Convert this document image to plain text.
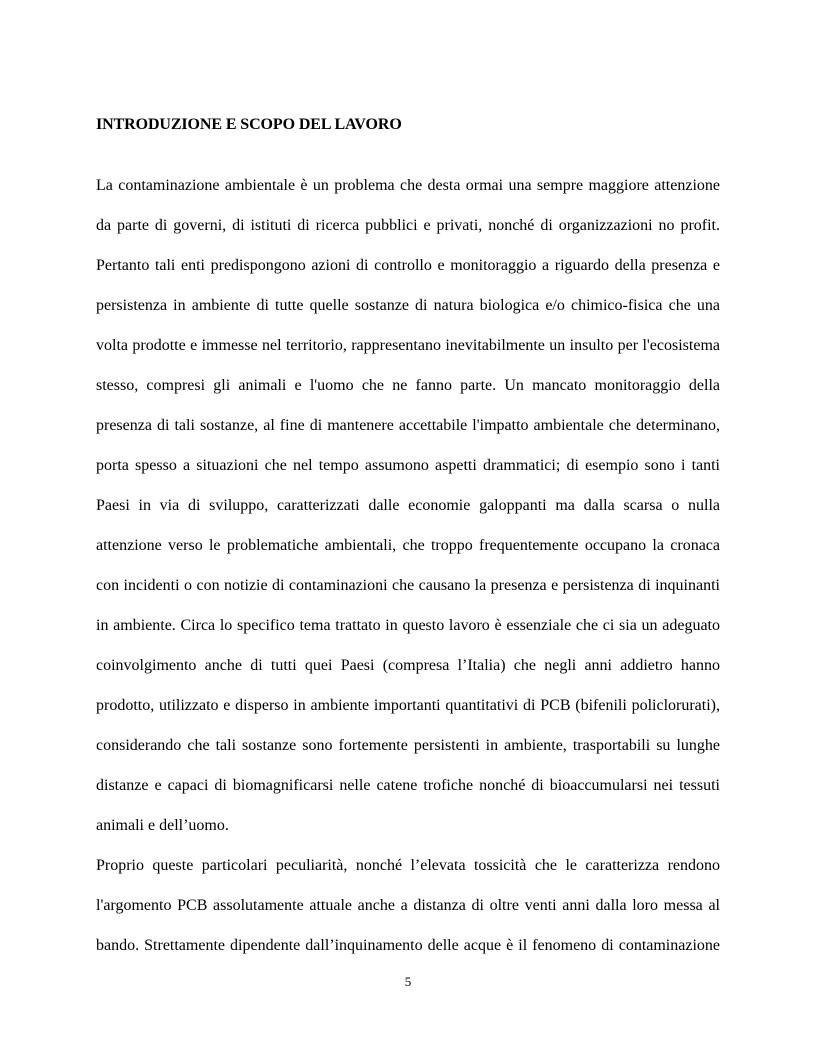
INTRODUZIONE E SCOPO DEL LAVORO
La contaminazione ambientale è un problema che desta ormai una sempre maggiore attenzione
da parte di governi, di istituti di ricerca pubblici e privati, nonché di organizzazioni no profit.
Pertanto tali enti predispongono azioni di controllo e monitoraggio a riguardo della presenza e
persistenza in ambiente di tutte quelle sostanze di natura biologica e/o chimico-fisica che una
volta prodotte e immesse nel territorio, rappresentano inevitabilmente un insulto per l'ecosistema
stesso, compresi gli animali e l'uomo che ne fanno parte. Un mancato monitoraggio della
presenza di tali sostanze, al fine di mantenere accettabile l'impatto ambientale che determinano,
porta spesso a situazioni che nel tempo assumono aspetti drammatici; di esempio sono i tanti
Paesi in via di sviluppo, caratterizzati dalle economie galoppanti ma dalla scarsa o nulla
attenzione verso le problematiche ambientali, che troppo frequentemente occupano la cronaca
con incidenti o con notizie di contaminazioni che causano la presenza e persistenza di inquinanti
in ambiente. Circa lo specifico tema trattato in questo lavoro è essenziale che ci sia un adeguato
coinvolgimento anche di tutti quei Paesi (compresa l’Italia) che negli anni addietro hanno
prodotto, utilizzato e disperso in ambiente importanti quantitativi di PCB (bifenili policlorurati),
considerando che tali sostanze sono fortemente persistenti in ambiente, trasportabili su lunghe
distanze e capaci di biomagnificarsi nelle catene trofiche nonché di bioaccumularsi nei tessuti
animali e dell’uomo.
Proprio queste particolari peculiarità, nonché l’elevata tossicità che le caratterizza rendono
l'argomento PCB assolutamente attuale anche a distanza di oltre venti anni dalla loro messa al
bando. Strettamente dipendente dall’inquinamento delle acque è il fenomeno di contaminazione
5
